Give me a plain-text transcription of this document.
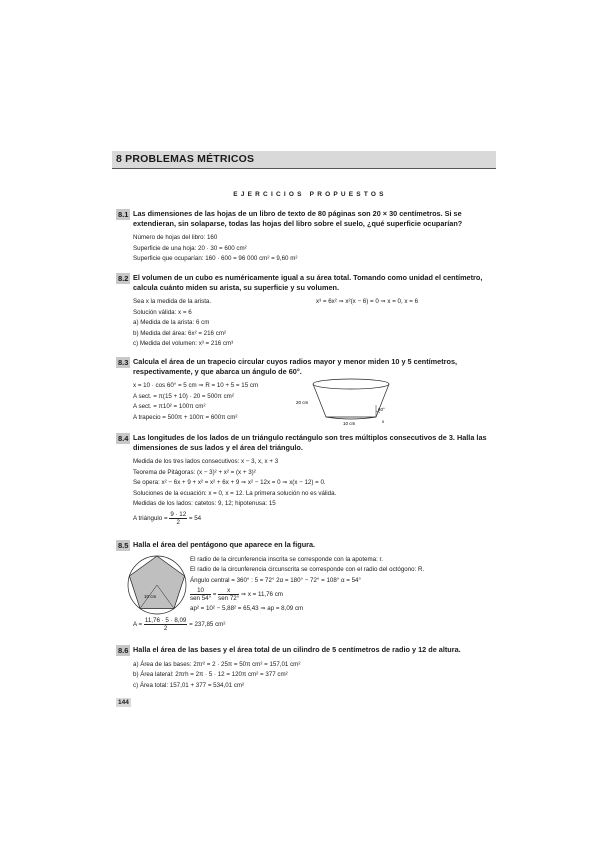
8 PROBLEMAS MÉTRICOS
EJERCICIOS PROPUESTOS
8.1 Las dimensiones de las hojas de un libro de texto de 80 páginas son 20 × 30 centímetros. Si se extendieran, sin solaparse, todas las hojas del libro sobre el suelo, ¿qué superficie ocuparían?
Número de hojas del libro: 160
Superficie de una hoja: 20 · 30 = 600 cm²
Superficie que ocuparían: 160 · 600 = 96 000 cm² = 9,60 m²
8.2 El volumen de un cubo es numéricamente igual a su área total. Tomando como unidad el centímetro, calcula cuánto miden su arista, su superficie y su volumen.
Sea x la medida de la arista.
Solución válida: x = 6
a) Medida de la arista: 6 cm
b) Medida del área: 6x² = 216 cm²
c) Medida del volumen: x³ = 216 cm³
x³ = 6x² ⇒ x²(x − 6) = 0 ⇒ x = 0, x = 6
8.3 Calcula el área de un trapecio circular cuyos radios mayor y menor miden 10 y 5 centímetros, respectivamente, y que abarca un ángulo de 60°.
x = 10 · cos 60° = 5 cm ⇒ R = 10 + 5 = 15 cm
A sect. = π(15 + 10) · 20 = 500π cm²
A sect. = π10² = 100π cm²
A trapecio = 500π + 100π = 600π cm²
20 cm
10 cm
60°
x
8.4 Las longitudes de los lados de un triángulo rectángulo son tres múltiplos consecutivos de 3. Halla las dimensiones de sus lados y el área del triángulo.
Medida de los tres lados consecutivos: x − 3, x, x + 3
Teorema de Pitágoras: (x − 3)² + x² = (x + 3)²
Se opera: x² − 6x + 9 + x² = x² + 6x + 9 ⇒ x² − 12x = 0 ⇒ x(x − 12) = 0.
Soluciones de la ecuación: x = 0, x = 12. La primera solución no es válida.
Medidas de los lados: catetos: 9, 12; hipotenusa: 15
A triángulo = $\frac{9 \cdot 12}{2} = 54$
8.5 Halla el área del pentágono que aparece en la figura.
10 cm
El radio de la circunferencia inscrita se corresponde con la apotema: r.
El radio de la circunferencia circunscrita se corresponde con el radio del octógono: R.
Ángulo central = 360° : 5 = 72° 2α = 180° − 72° = 108° α = 54°
$\frac{10}{\text{sen 54°}} = \frac{x}{\text{sen 72°}}$ ⇒ x = 11,76 cm
ap² = 10² − 5,88² = 65,43 ⇒ ap = 8,09 cm
$A = \frac{11,76 \cdot 5 \cdot 8,09}{2} = 237,85$ cm²
8.6 Halla el área de las bases y el área total de un cilindro de 5 centímetros de radio y 12 de altura.
a) Área de las bases: 2πr² = 2 · 25π = 50π cm² = 157,01 cm²
b) Área lateral: 2πrh = 2π · 5 · 12 = 120π cm² = 377 cm²
c) Área total: 157,01 + 377 = 534,01 cm²
144
